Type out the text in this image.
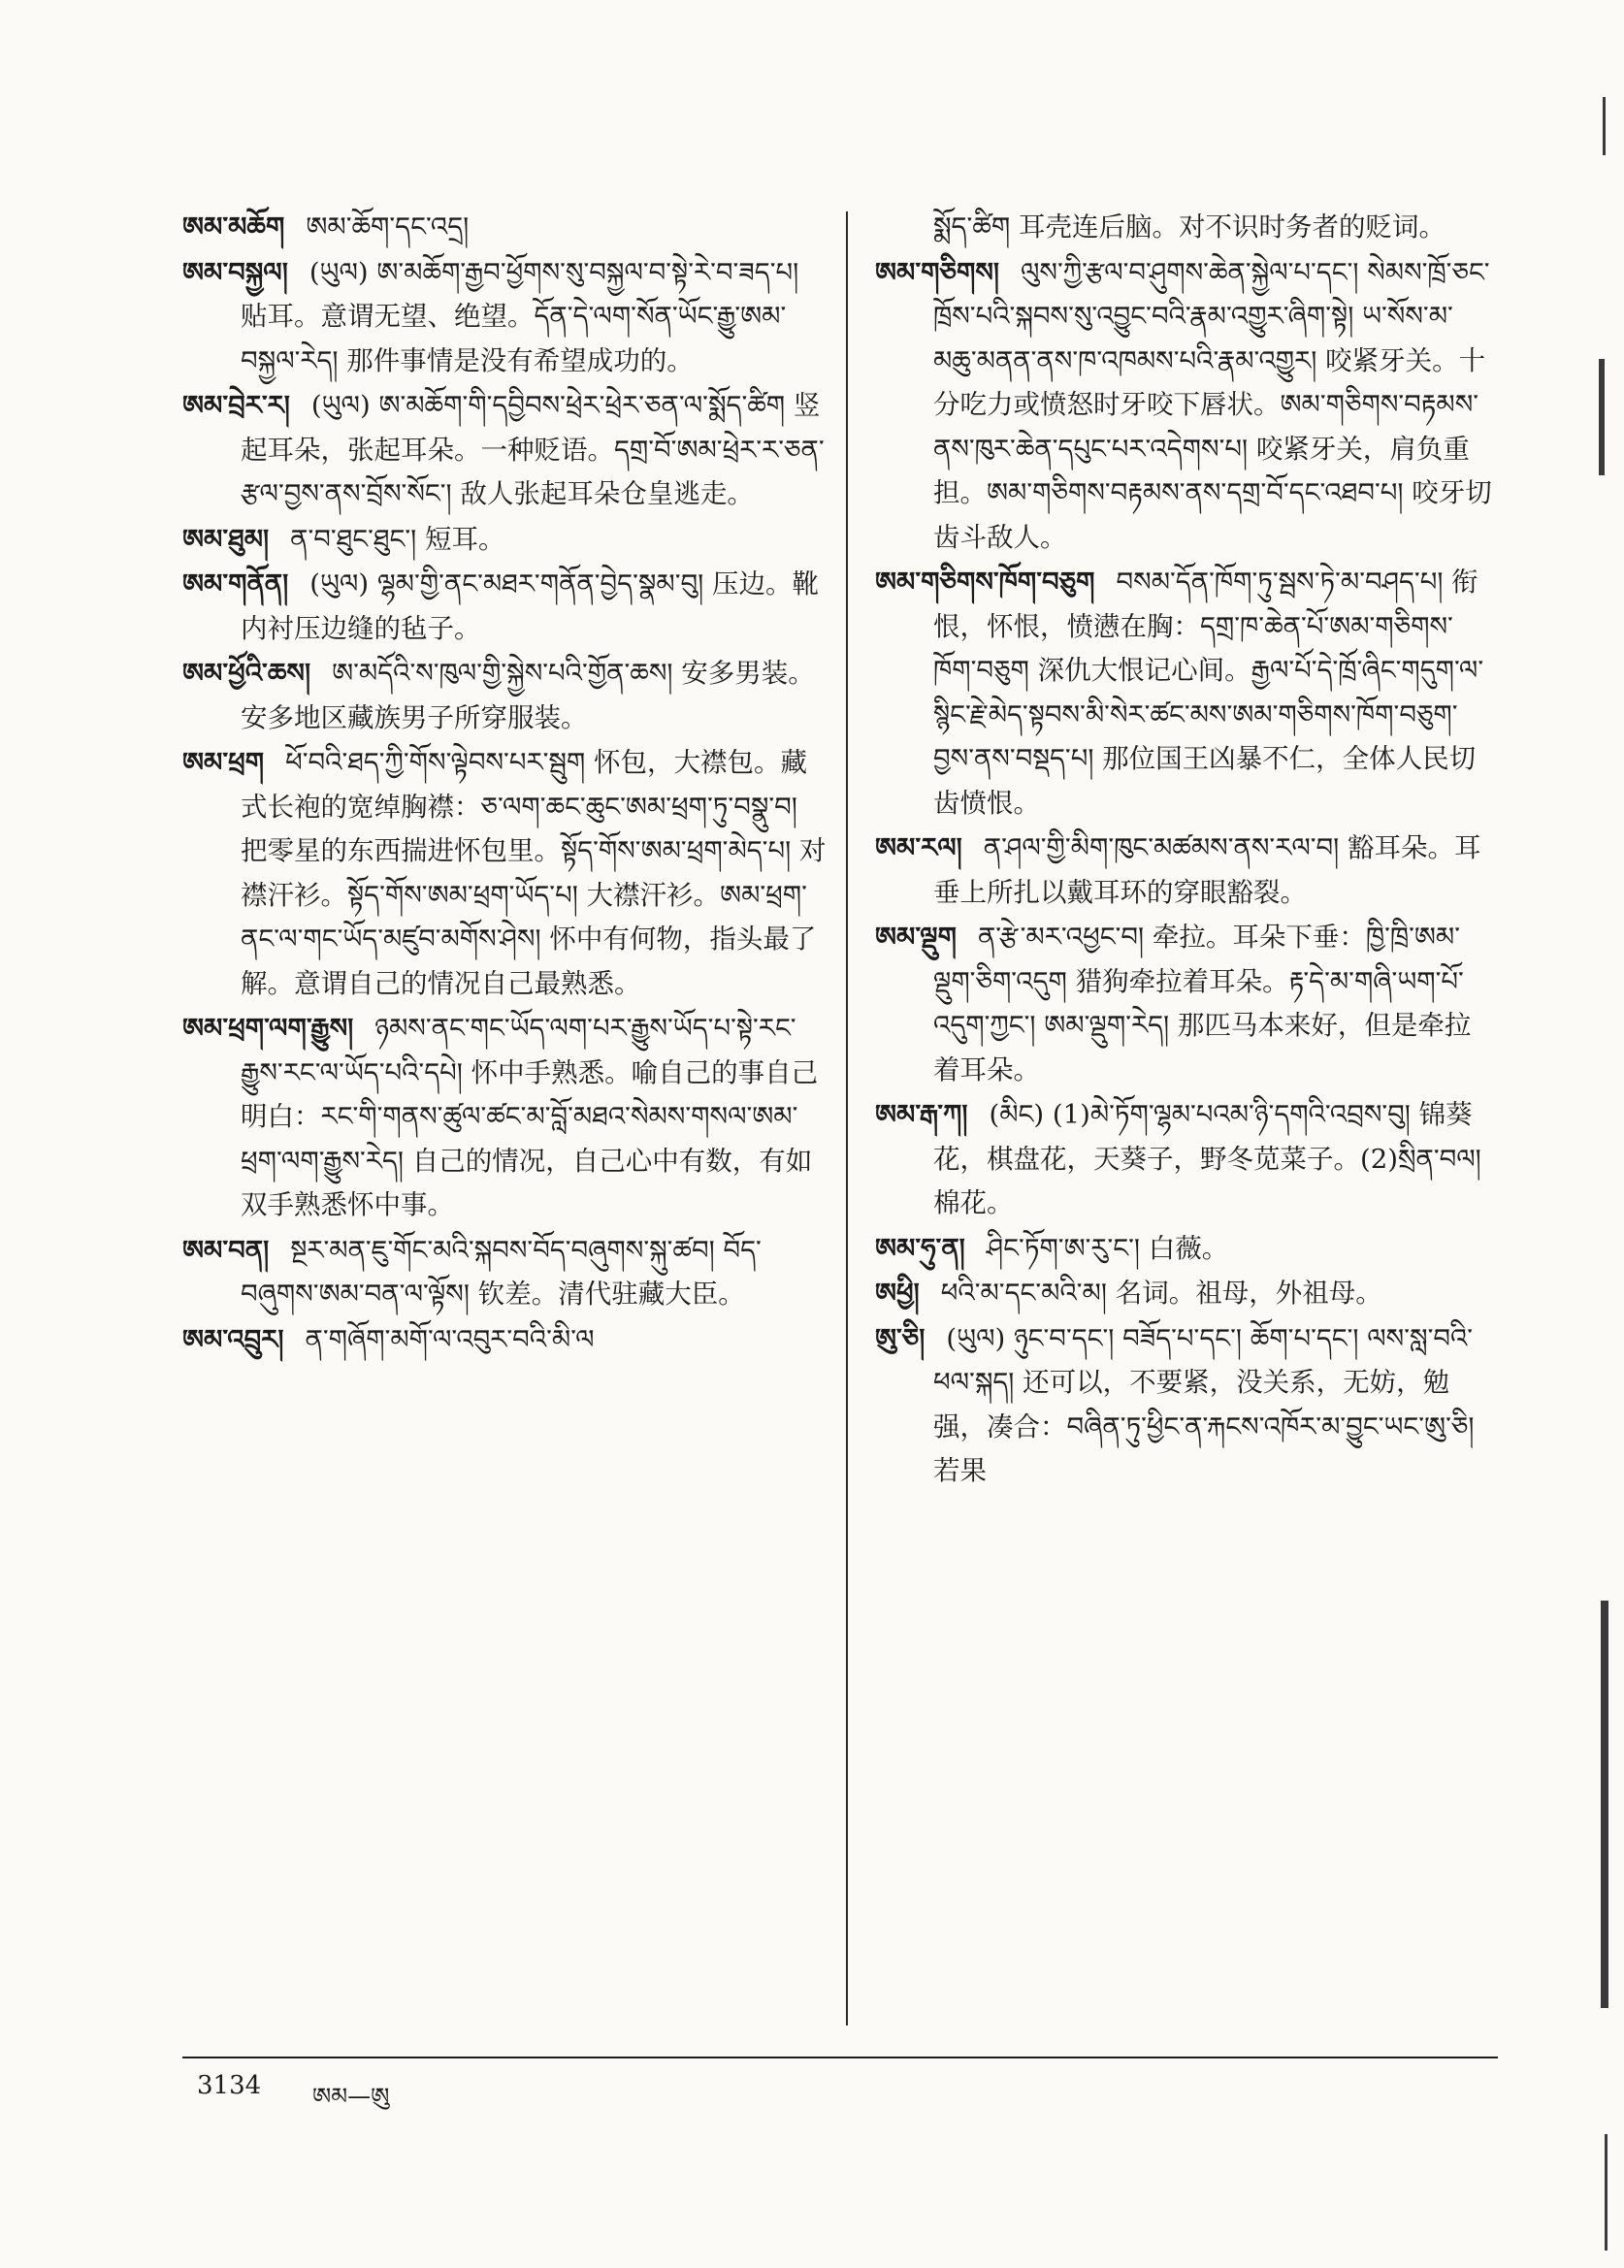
ཨམ་མཆོག ཨམ་ཆོག་དང་འདྲ།

ཨམ་བསྐྱལ། (ཡུལ) ཨ་མཆོག་རྒྱབ་ཕྱོགས་སུ་བསྐྱལ་བ་སྟེ་རེ་བ་ཟད་པ། 贴耳。意谓无望、绝望。དོན་དེ་ལག་སོན་ཡོང་རྒྱུ་ཨམ་བསྐྱལ་རེད། 那件事情是没有希望成功的。

ཨམ་བྲེར་ར། (ཡུལ) ཨ་མཆོག་གི་དབྱིབས་ཕྲེར་ཕྲེར་ཅན་ལ་སྨོད་ཚིག 竖起耳朵，张起耳朵。一种贬语。དགྲ་བོ་ཨམ་ཕྲེར་ར་ཅན་རྩལ་བྱས་ནས་བྲོས་སོང་། 敌人张起耳朵仓皇逃走。

ཨམ་ཐུམ། ན་བ་ཐུང་ཐུང་། 短耳。

ཨམ་གནོན། (ཡུལ) ལྷམ་གྱི་ནང་མཐར་གནོན་བྱེད་སྣམ་བུ། 压边。靴内衬压边缝的毡子。

ཨམ་ཕྱོའི་ཆས། ཨ་མདོའི་ས་ཁུལ་གྱི་སྐྱེས་པའི་གྱོན་ཆས། 安多男装。安多地区藏族男子所穿服装。

ཨམ་ཕྲག ཕོ་བའི་ཐད་ཀྱི་གོས་ལྟེབས་པར་སྦུག 怀包，大襟包。藏式长袍的宽绰胸襟：ཅ་ལག་ཆང་ཆུང་ཨམ་ཕྲག་ཏུ་བསྣུ་བ། 把零星的东西揣进怀包里。སྟོད་གོས་ཨམ་ཕྲག་མེད་པ། 对襟汗衫。སྟོད་གོས་ཨམ་ཕྲག་ཡོད་པ། 大襟汗衫。ཨམ་ཕྲག་ནང་ལ་གང་ཡོད་མཛུབ་མགོས་ཤེས། 怀中有何物，指头最了解。意谓自己的情况自己最熟悉。

ཨམ་ཕྲག་ལག་རྒྱུས། ཉམས་ནང་གང་ཡོད་ལག་པར་རྒྱུས་ཡོད་པ་སྟེ་རང་རྒྱུས་རང་ལ་ཡོད་པའི་དཔེ། 怀中手熟悉。喻自己的事自己明白：རང་གི་གནས་ཚུལ་ཚང་མ་བློ་མཐའ་སེམས་གསལ་ཨམ་ཕྲག་ལག་རྒྱུས་རེད། 自己的情况，自己心中有数，有如双手熟悉怀中事。

ཨམ་བན། སྔར་མན་ཇུ་གོང་མའི་སྐབས་བོད་བཞུགས་སྐུ་ཚབ། བོད་བཞུགས་ཨམ་བན་ལ་ལྟོས། 钦差。清代驻藏大臣。

ཨམ་འབྲུར། ན་གཞོག་མགོ་ལ་འབུར་བའི་མི་ལ

སྨོད་ཚིག 耳壳连后脑。对不识时务者的贬词。

ཨམ་གཅིགས། ལུས་ཀྱི་རྩལ་བ་ཤུགས་ཆེན་སྐྱེལ་པ་དང་། སེམས་ཁྲོ་ཅང་ཁྲོས་པའི་སྐབས་སུ་འབྱུང་བའི་རྣམ་འགྱུར་ཞིག་སྟེ། ཡ་སོས་མ་མཆུ་མནན་ནས་ཁ་འཁམས་པའི་རྣམ་འགྱུར། 咬紧牙关。十分吃力或愤怒时牙咬下唇状。ཨམ་གཅིགས་བརྟམས་ནས་ཁུར་ཆེན་དཔུང་པར་འདེགས་པ། 咬紧牙关，肩负重担。ཨམ་གཅིགས་བརྟམས་ནས་དགྲ་བོ་དང་འཐབ་པ། 咬牙切齿斗敌人。

ཨམ་གཅིགས་ཁོག་བཅུག བསམ་དོན་ཁོག་ཏུ་སྦས་ཏེ་མ་བཤད་པ། 衔恨，怀恨，愤懑在胸：དགྲ་ཁ་ཆེན་པོ་ཨམ་གཅིགས་ཁོག་བཅུག 深仇大恨记心间。རྒྱལ་པོ་དེ་ཁྲོ་ཞིང་གདུག་ལ་སྙིང་རྗེ་མེད་སྟབས་མི་སེར་ཚང་མས་ཨམ་གཅིགས་ཁོག་བཅུག་བྱས་ནས་བསྡད་པ། 那位国王凶暴不仁，全体人民切齿愤恨。

ཨམ་རལ། ན་ཤལ་གྱི་མིག་ཁུང་མཚམས་ནས་རལ་བ། 豁耳朵。耳垂上所扎以戴耳环的穿眼豁裂。

ཨམ་ལྡུག ན་རྩེ་མར་འཕྱང་བ། 牵拉。耳朵下垂：ཁྱི་ཁྲི་ཨམ་ལྡུག་ཅིག་འདུག 猎狗牵拉着耳朵。རྟ་དེ་མ་གཞི་ཡག་པོ་འདུག་ཀྱང་། ཨམ་ལྡུག་རེད། 那匹马本来好，但是牵拉着耳朵。

ཨམ་རྒ་ཀ། (མིང) (1)མེ་ཏོག་ལྷམ་པའམ་ཉི་དགའི་འབྲས་བུ། 锦葵花，棋盘花，天葵子，野冬苋菜子。(2)སྲིན་བལ། 棉花。

ཨམ་ཧུ་ན། ཤིང་ཏོག་ཨ་རུ་ང་། 白薇。

ཨཕྱི། ཕའི་མ་དང་མའི་མ། 名词。祖母，外祖母。

ཨུ་ཅི། (ཡུལ) ཉུང་བ་དང་། བཟོད་པ་དང་། ཆོག་པ་དང་། ལས་སླ་བའི་ཕལ་སྐད། 还可以，不要紧，没关系，无妨，勉强，凑合：བཞིན་ཏུ་ཕྱིང་ན་རྐངས་འཁོར་མ་བྱུང་ཡང་ཨུ་ཅི། 若果

3134 ཨམ—ཨུ
